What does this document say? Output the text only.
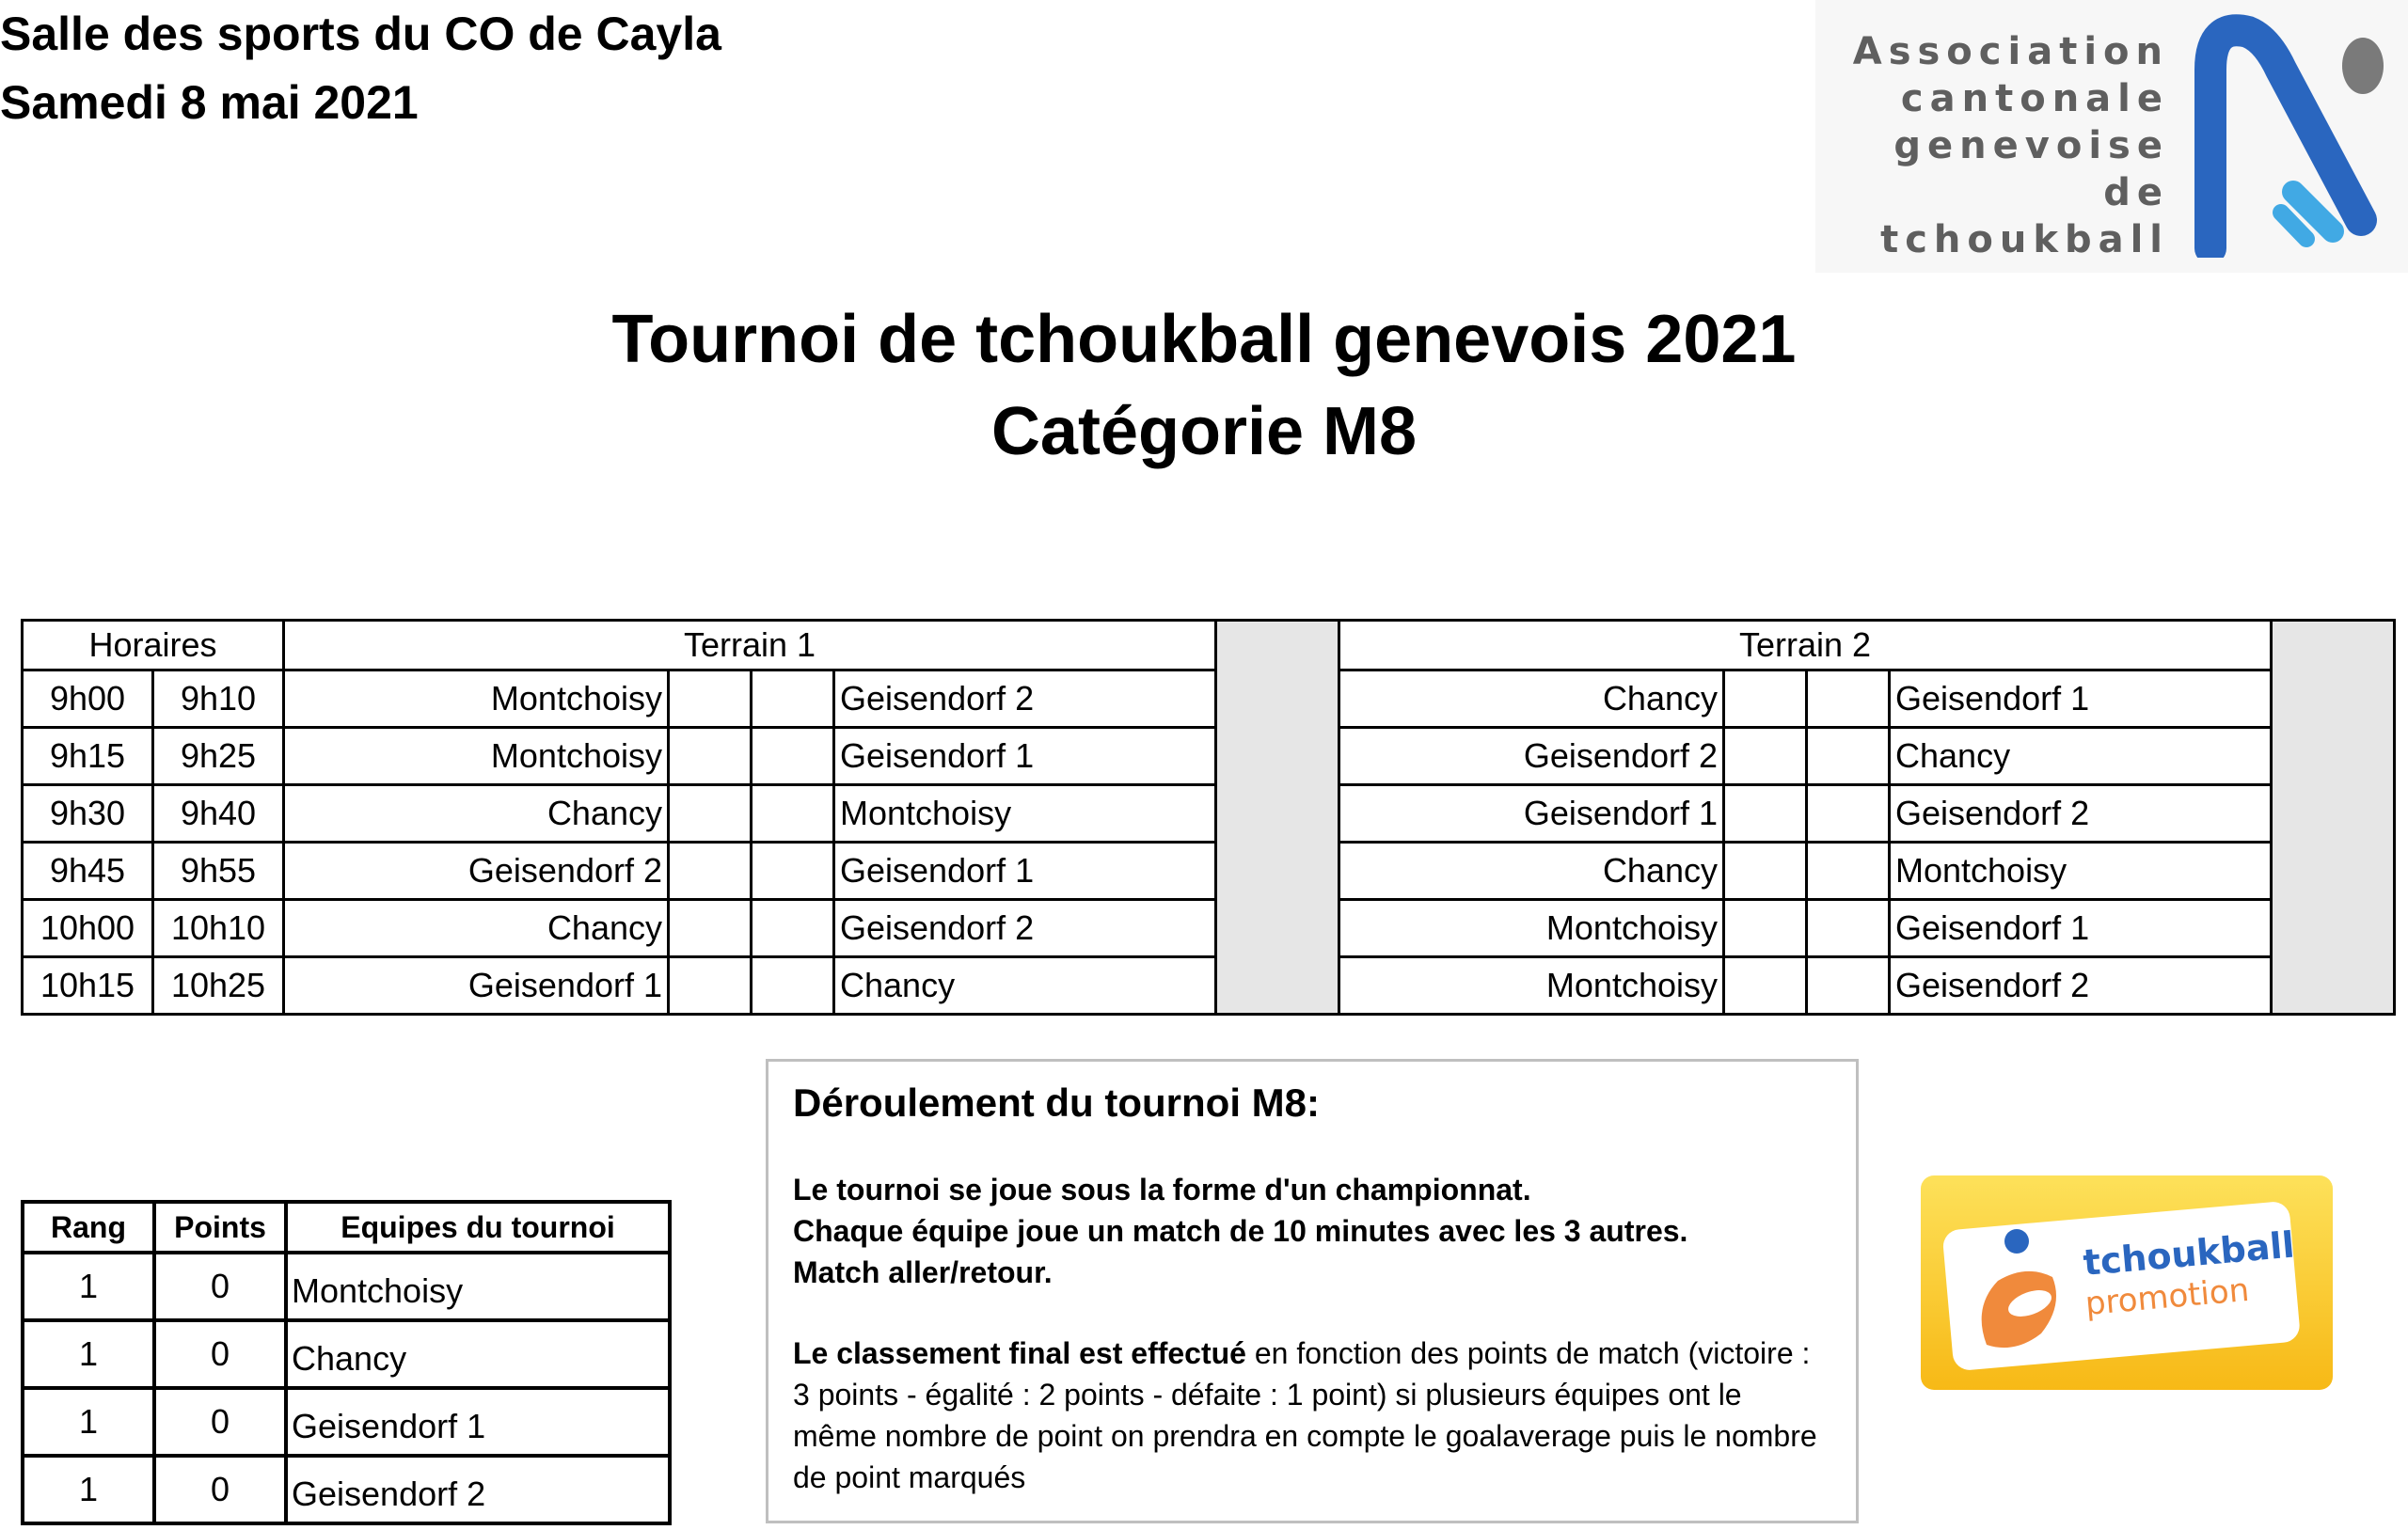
Salle des sports du CO de Cayla
Samedi 8 mai 2021
Association
cantonale
genevoise de
tchoukball
Tournoi de tchoukball genevois 2021
Catégorie M8
Horaires		Terrain 1					Terrain 2				
9h00	9h10	Montchoisy			Geisendorf 2		Chancy			Geisendorf 1	
9h15	9h25	Montchoisy			Geisendorf 1		Geisendorf 2			Chancy	
9h30	9h40	Chancy			Montchoisy		Geisendorf 1			Geisendorf 2	
9h45	9h55	Geisendorf 2			Geisendorf 1		Chancy			Montchoisy	
10h00	10h10	Chancy			Geisendorf 2		Montchoisy			Geisendorf 1	
10h15	10h25	Geisendorf 1			Chancy		Montchoisy			Geisendorf 2	
Rang	Points	Equipes du tournoi
1	0	Montchoisy
1	0	Chancy
1	0	Geisendorf 1
1	0	Geisendorf 2
Déroulement du tournoi M8:

Le tournoi se joue sous la forme d'un championnat.

Chaque équipe joue un match de 10 minutes avec les 3 autres.

Match aller/retour.

Le classement final est effectué en fonction des points de match (victoire : 3 points - égalité : 2 points - défaite : 1 point) si plusieurs équipes ont le même nombre de point on prendra en compte le goalaverage puis le nombre de point marqués

tchoukball
promotion
